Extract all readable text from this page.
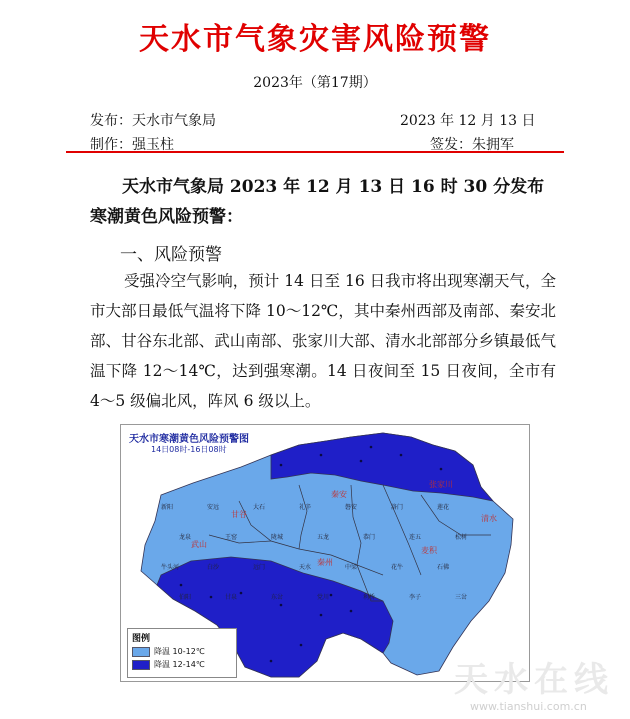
天水市气象灾害风险预警
2023年（第17期）
发布：天水市气象局	2023 年 12 月 13 日
制作：强玉柱	签发：朱拥军
天水市气象局 2023 年 12 月 13 日 16 时 30 分发布寒潮黄色风险预警：
一、风险预警
受强冷空气影响，预计 14 日至 16 日我市将出现寒潮天气，全市大部日最低气温将下降 10～12℃，其中秦州西部及南部、秦安北部、甘谷东北部、武山南部、张家川大部、清水北部部分乡镇最低气温下降 12～14℃，达到强寒潮。14 日夜间至 15 日夜间，全市有 4～5 级偏北风，阵风 6 级以上。
新阳	安远	大石	礼辛	磐安	洛门	莲花
龙泉	王窑	陇城	五龙	恭门	连五	松树
牛头河	白沙	远门	天水	中梁	花牛	石佛
伯阳	甘泉	东岔	党川	利桥	李子	三岔
张家川
清水
秦安
甘谷
武山
麦积
秦州
天水市寒潮黄色风险预警图
14日08时-16日08时
图例
降温 10-12℃
降温 12-14℃	天水在线
www.tianshui.com.cn
